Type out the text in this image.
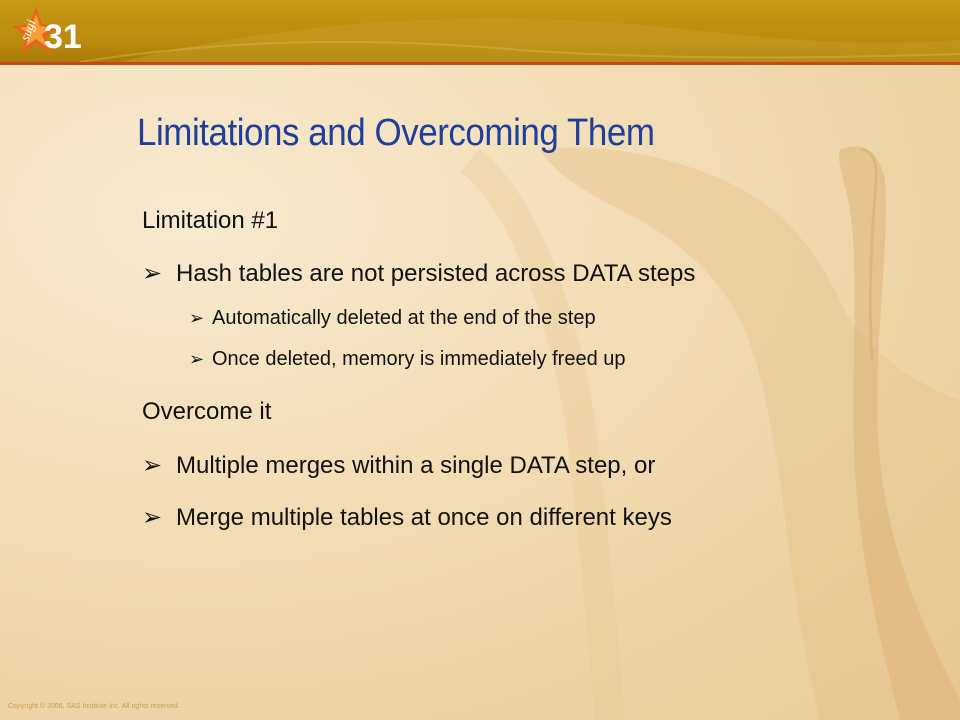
sugi 31
Limitations and Overcoming Them
Limitation #1
➢ Hash tables are not persisted across DATA steps
➢ Automatically deleted at the end of the step
➢ Once deleted, memory is immediately freed up
Overcome it
➢ Multiple merges within a single DATA step, or
➢ Merge multiple tables at once on different keys
Copyright © 2006, SAS Institute Inc. All rights reserved.
